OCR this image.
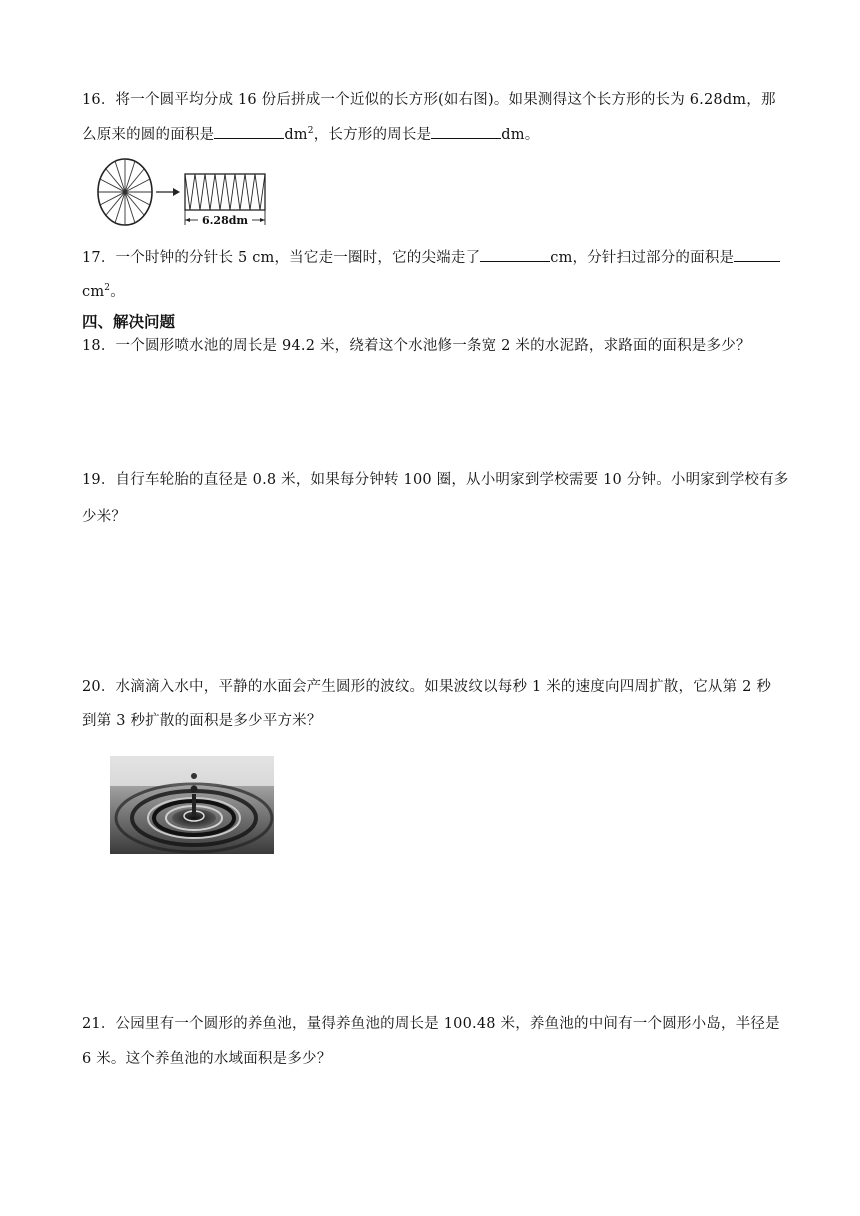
16．将一个圆平均分成 16 份后拼成一个近似的长方形(如右图)。如果测得这个长方形的长为 6.28dm，那
么原来的圆的面积是	$dm^2$，长方形的周长是	dm。
6.28dm
17．一个时钟的分针长 5 cm，当它走一圈时，它的尖端走了	cm，分针扫过部分的面积是
$cm^2$。
四、解决问题
18．一个圆形喷水池的周长是 94.2 米，绕着这个水池修一条宽 2 米的水泥路，求路面的面积是多少？
19．自行车轮胎的直径是 0.8 米，如果每分钟转 100 圈，从小明家到学校需要 10 分钟。小明家到学校有多
少米？
20．水滴滴入水中，平静的水面会产生圆形的波纹。如果波纹以每秒 1 米的速度向四周扩散，它从第 2 秒
到第 3 秒扩散的面积是多少平方米？
21．公园里有一个圆形的养鱼池，量得养鱼池的周长是 100.48 米，养鱼池的中间有一个圆形小岛，半径是
6 米。这个养鱼池的水域面积是多少？
